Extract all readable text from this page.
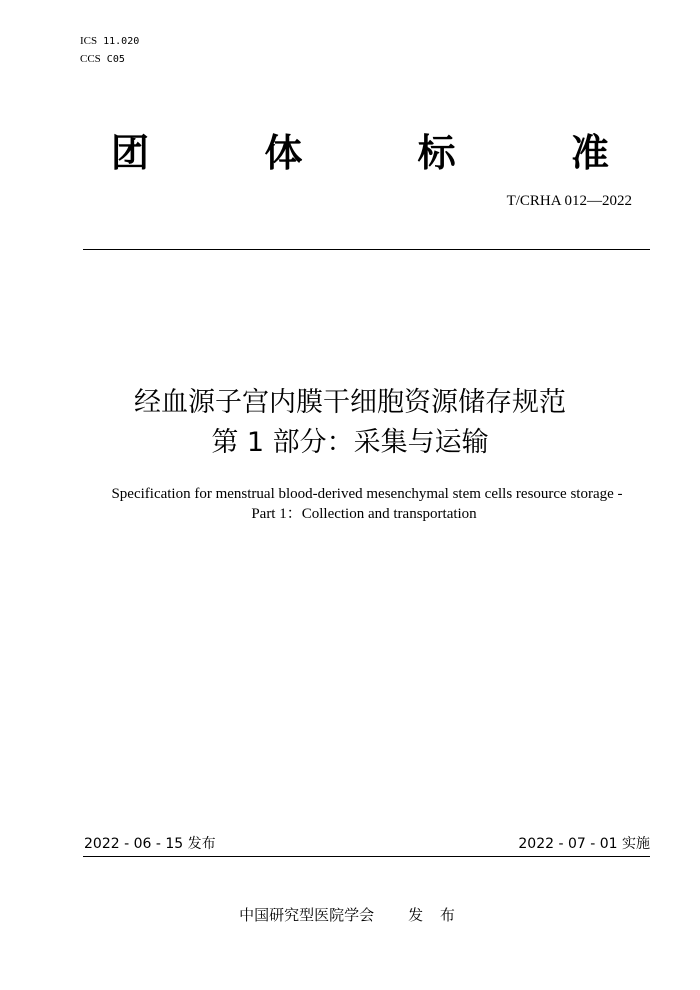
ICS 11.020
CCS C05
团	体	标	准
T/CRHA 012—2022
经血源子宫内膜干细胞资源储存规范
第 1 部分：采集与运输
Specification for menstrual blood-derived mesenchymal stem cells resource storage -
Part 1：Collection and transportation
2022 - 06 - 15 发布	2022 - 07 - 01 实施
中国研究型医院学会 发 布
